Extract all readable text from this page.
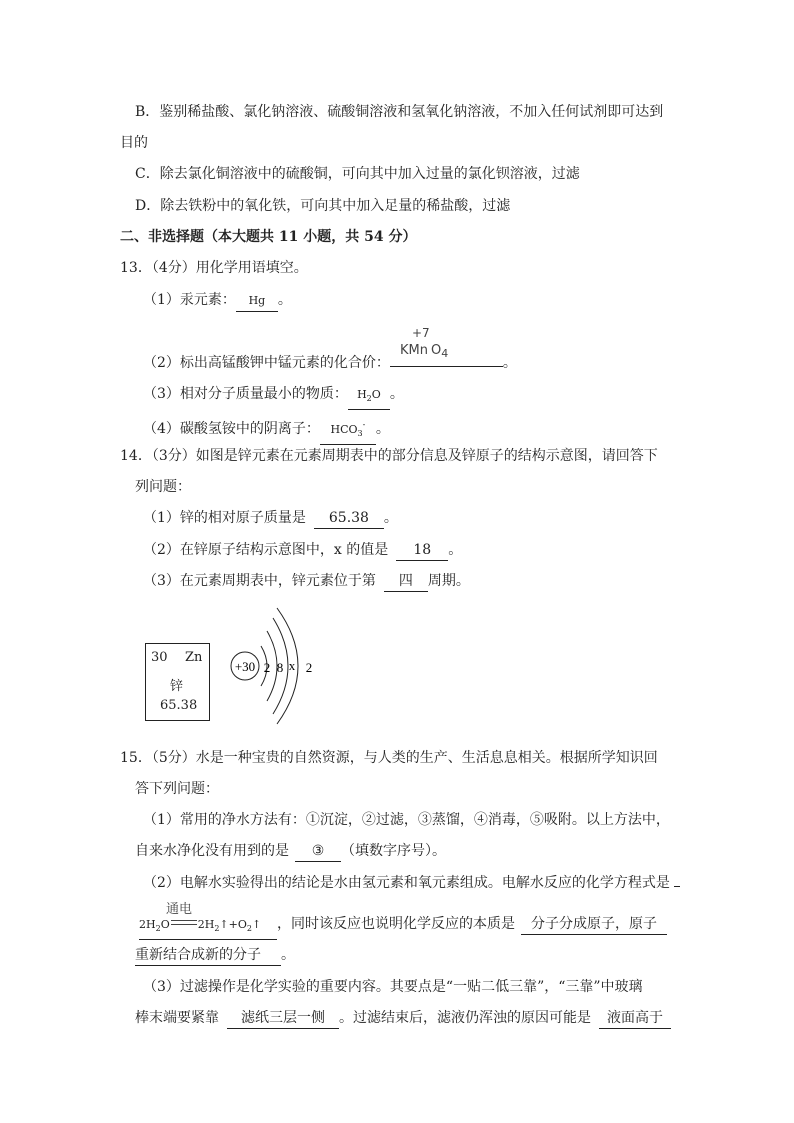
B．鉴别稀盐酸、氯化钠溶液、硫酸铜溶液和氢氧化钠溶液，不加入任何试剂即可达到
目的
C．除去氯化铜溶液中的硫酸铜，可向其中加入过量的氯化钡溶液，过滤
D．除去铁粉中的氧化铁，可向其中加入足量的稀盐酸，过滤
二、非选择题（本大题共 11 小题，共 54 分）
13．（4分）用化学用语填空。
（1）汞元素： Hg 。
（2）标出高锰酸钾中锰元素的化合价：	。
+7
KMn $O_4$
（3）相对分子质量最小的物质： $H_2O$ 。
（4）碳酸氢铵中的阴离子： $HCO_3^-$ 。
14．（3分）如图是锌元素在元素周期表中的部分信息及锌原子的结构示意图，请回答下
列问题：
（1）锌的相对原子质量是 65.38 。
（2）在锌原子结构示意图中，x 的值是 18 。
（3）在元素周期表中，锌元素位于第 四 周期。
30 Zn
锌
65.38
+30 2 8 x 2
15．（5分）水是一种宝贵的自然资源，与人类的生产、生活息息相关。根据所学知识回
答下列问题：
（1）常用的净水方法有：①沉淀，②过滤，③蒸馏，④消毒，⑤吸附。以上方法中，
自来水净化没有用到的是 ③ （填数字序号）。
（2）电解水实验得出的结论是水由氢元素和氧元素组成。电解水反应的化学方程式是
通电
$2H_2O$	$2H_2↑+O_2↑$ ，同时该反应也说明化学反应的本质是 分子分成原子，原子
重新结合成新的分子 。
（3）过滤操作是化学实验的重要内容。其要点是“一贴二低三靠”，“三靠”中玻璃
棒末端要紧靠 滤纸三层一侧 。过滤结束后，滤液仍浑浊的原因可能是 液面高于
